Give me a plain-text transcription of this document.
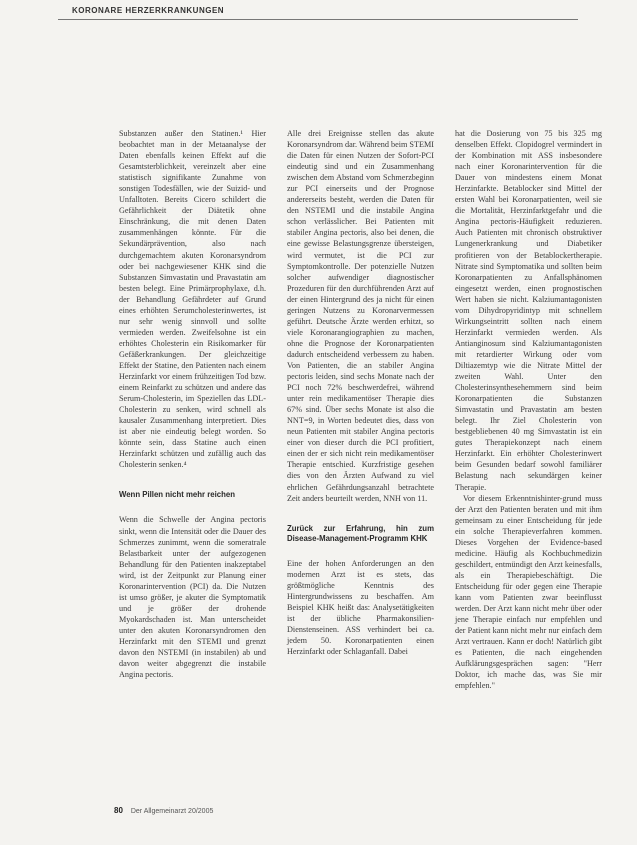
KORONARE HERZERKRANKUNGEN

Substanzen außer den Statinen.¹ Hier beobachtet man in der Metaanalyse der Daten ebenfalls keinen Effekt auf die Gesamtsterblichkeit, vereinzelt aber eine statistisch signifikante Zunahme von sonstigen Todesfällen, wie der Suizid- und Unfalltoten. Bereits Cicero schildert die Gefährlichkeit der Diätetik ohne Einschränkung, die mit denen Daten zusammenhängen könnte. Für die Sekundärprävention, also nach durchgemachtem akuten Koronarsyndrom oder bei nachgewiesener KHK sind die Substanzen Simvastatin und Pravastatin am besten belegt. Eine Primärprophylaxe, d.h. der Behandlung Gefährdeter auf Grund eines erhöhten Serumcholesterinwertes, ist nur sehr wenig sinnvoll und sollte vermieden werden. Zweifelsohne ist ein erhöhtes Cholesterin ein Risikomarker für Gefäßerkrankungen. Der gleichzeitige Effekt der Statine, den Patienten nach einem Herzinfarkt vor einem frühzeitigen Tod bzw. einem Reinfarkt zu schützen und andere das Serum-Cholesterin, im Speziellen das LDL-Cholesterin zu senken, wird schnell als kausaler Zusammenhang interpretiert. Dies ist aber nie eindeutig belegt worden. So könnte sein, dass Statine auch einen Herzinfarkt schützen und zufällig auch das Cholesterin senken.⁴

Wenn Pillen nicht mehr reichen

Wenn die Schwelle der Angina pectoris sinkt, wenn die Intensität oder die Dauer des Schmerzes zunimmt, wenn die someratrale Belastbarkeit unter der aufgezogenen Behandlung für den Patienten inakzeptabel wird, ist der Zeitpunkt zur Planung einer Koronarintervention (PCI) da. Die Nutzen ist umso größer, je akuter die Symptomatik und je größer der drohende Myokardschaden ist. Man unterscheidet unter den akuten Koronarsyndromen den Herzinfarkt mit den STEMI und grenzt davon den NSTEMI (in instabilen) ab und davon weiter abgegrenzt die instabile Angina pectoris.

Alle drei Ereignisse stellen das akute Koronarsyndrom dar. Während beim STEMI die Daten für einen Nutzen der Sofort-PCI eindeutig sind und ein Zusammenhang zwischen dem Abstand vom Schmerzbeginn zur PCI einerseits und der Prognose andererseits besteht, werden die Daten für den NSTEMI und die instabile Angina schon verlässlicher. Bei Patienten mit stabiler Angina pectoris, also bei denen, die eine gewisse Belastungsgrenze übersteigen, wird vermutet, ist die PCI zur Symptomkontrolle. Der potenzielle Nutzen solcher aufwendiger diagnostischer Prozeduren für den durchführenden Arzt auf der einen Hintergrund des ja nicht für einen geringen Nutzens zu Koronarvermessen geführt. Deutsche Ärzte werden erhitzt, so viele Koronarangiographien zu machen, ohne die Prognose der Koronarpatienten dadurch entscheidend verbessern zu haben. Von Patienten, die an stabiler Angina pectoris leiden, sind sechs Monate nach der PCI noch 72% beschwerdefrei, während unter rein medikamentöser Therapie dies 67% sind. Über sechs Monate ist also die NNT=9, in Worten bedeutet dies, dass von neun Patienten mit stabiler Angina pectoris einer von dieser durch die PCI profitiert, einen der er sich nicht rein medikamentöser Therapie entschied. Kurzfristige gesehen dies von den Ärzten Aufwand zu viel ehrlichen Gefährdungsanzahl betrachtete Zeit anders beurteilt werden, NNH von 11.

Zurück zur Erfahrung, hin zum Disease-Management-Programm KHK

Eine der hohen Anforderungen an den modernen Arzt ist es stets, das größtmögliche Kenntnis des Hintergrundwissens zu beschaffen. Am Beispiel KHK heißt das: Analysetätigkeiten ist der übliche Pharmakonsilien-Dienstenseinen. ASS verhindert bei ca. jedem 50. Koronarpatienten einen Herzinfarkt oder Schlaganfall. Dabei

hat die Dosierung von 75 bis 325 mg denselben Effekt. Clopidogrel vermindert in der Kombination mit ASS insbesondere nach einer Koronarintervention für die Dauer von mindestens einem Monat Herzinfarkte. Betablocker sind Mittel der ersten Wahl bei Koronarpatienten, weil sie die Mortalität, Herzinfarktgefahr und die Angina pectoris-Häufigkeit reduzieren. Auch Patienten mit chronisch obstruktiver Lungenerkrankung und Diabetiker profitieren von der Betablockertherapie. Nitrate sind Symptomatika und sollten beim Koronarpatienten zu Anfallsphänomen eingesetzt werden, einen prognostischen Wert haben sie nicht. Kalziumantagonisten vom Dihydropyridintyp mit schnellem Wirkungseintritt sollten nach einem Herzinfarkt vermieden werden. Als Antianginosum sind Kalziumantagonisten mit retardierter Wirkung oder vom Diltiazemtyp wie die Nitrate Mittel der zweiten Wahl. Unter den Cholesterinsynthesehemmern sind beim Koronarpatienten die Substanzen Simvastatin und Pravastatin am besten belegt. Ihr Ziel Cholesterin von bestgebliebenen 40 mg Simvastatin ist ein gutes Therapiekonzept nach einem Herzinfarkt. Ein erhöhter Cholesterinwert beim Gesunden bedarf sowohl familiärer Belastung nach sekundärgen keiner Therapie.

Vor diesem Erkenntnishinter-grund muss der Arzt den Patienten beraten und mit ihm gemeinsam zu einer Entscheidung für jede ein solche Therapieverfahren kommen. Dieses Vorgehen der Evidence-based medicine. Häufig als Kochbuchmedizin geschildert, entmündigt den Arzt keinesfalls, als ein Therapiebeschäftigt. Die Entscheidung für oder gegen eine Therapie kann vom Patienten zwar beeinflusst werden. Der Arzt kann nicht mehr über oder jene Therapie einfach nur empfehlen und der Patient kann nicht mehr nur einfach dem Arzt vertrauen. Kann er doch! Natürlich gibt es Patienten, die nach eingehenden Aufklärungsgesprächen sagen: "Herr Doktor, ich mache das, was Sie mir empfehlen."

80 Der Allgemeinarzt 20/2005
